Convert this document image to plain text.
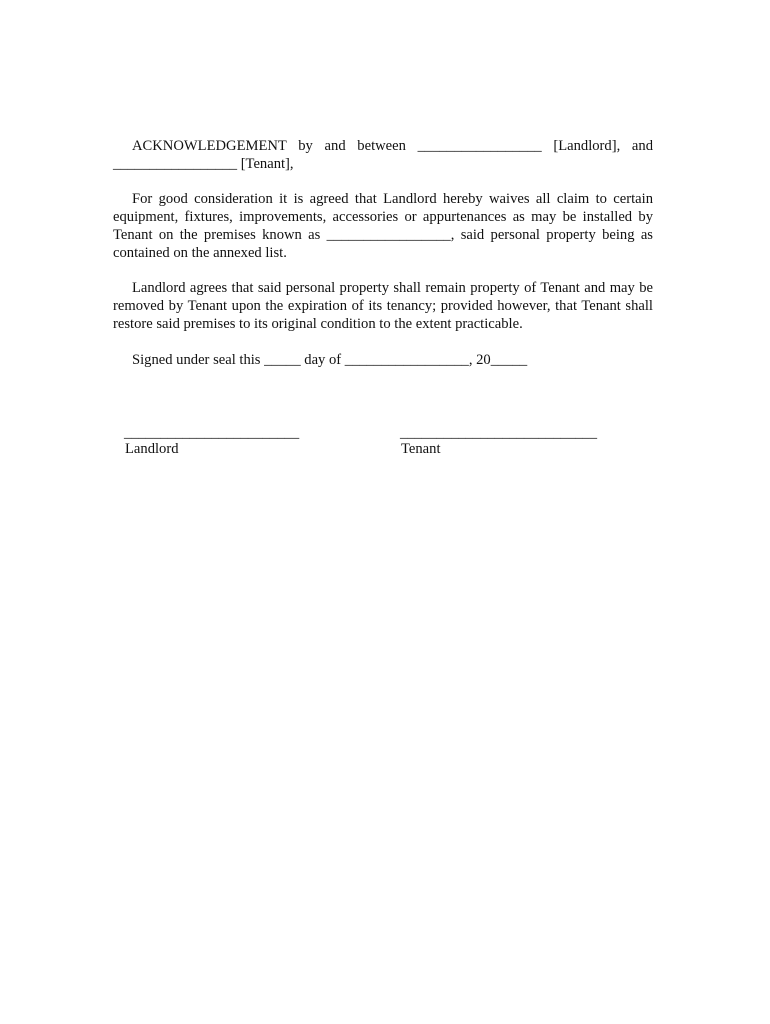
ACKNOWLEDGEMENT by and between _________________ [Landlord], and _________________ [Tenant],

For good consideration it is agreed that Landlord hereby waives all claim to certain equipment, fixtures, improvements, accessories or appurtenances as may be installed by Tenant on the premises known as _________________, said personal property being as contained on the annexed list.

Landlord agrees that said personal property shall remain property of Tenant and may be removed by Tenant upon the expiration of its tenancy; provided however, that Tenant shall restore said premises to its original condition to the extent practicable.

Signed under seal this _____ day of _________________, 20_____

________________________
Landlord
___________________________
Tenant
